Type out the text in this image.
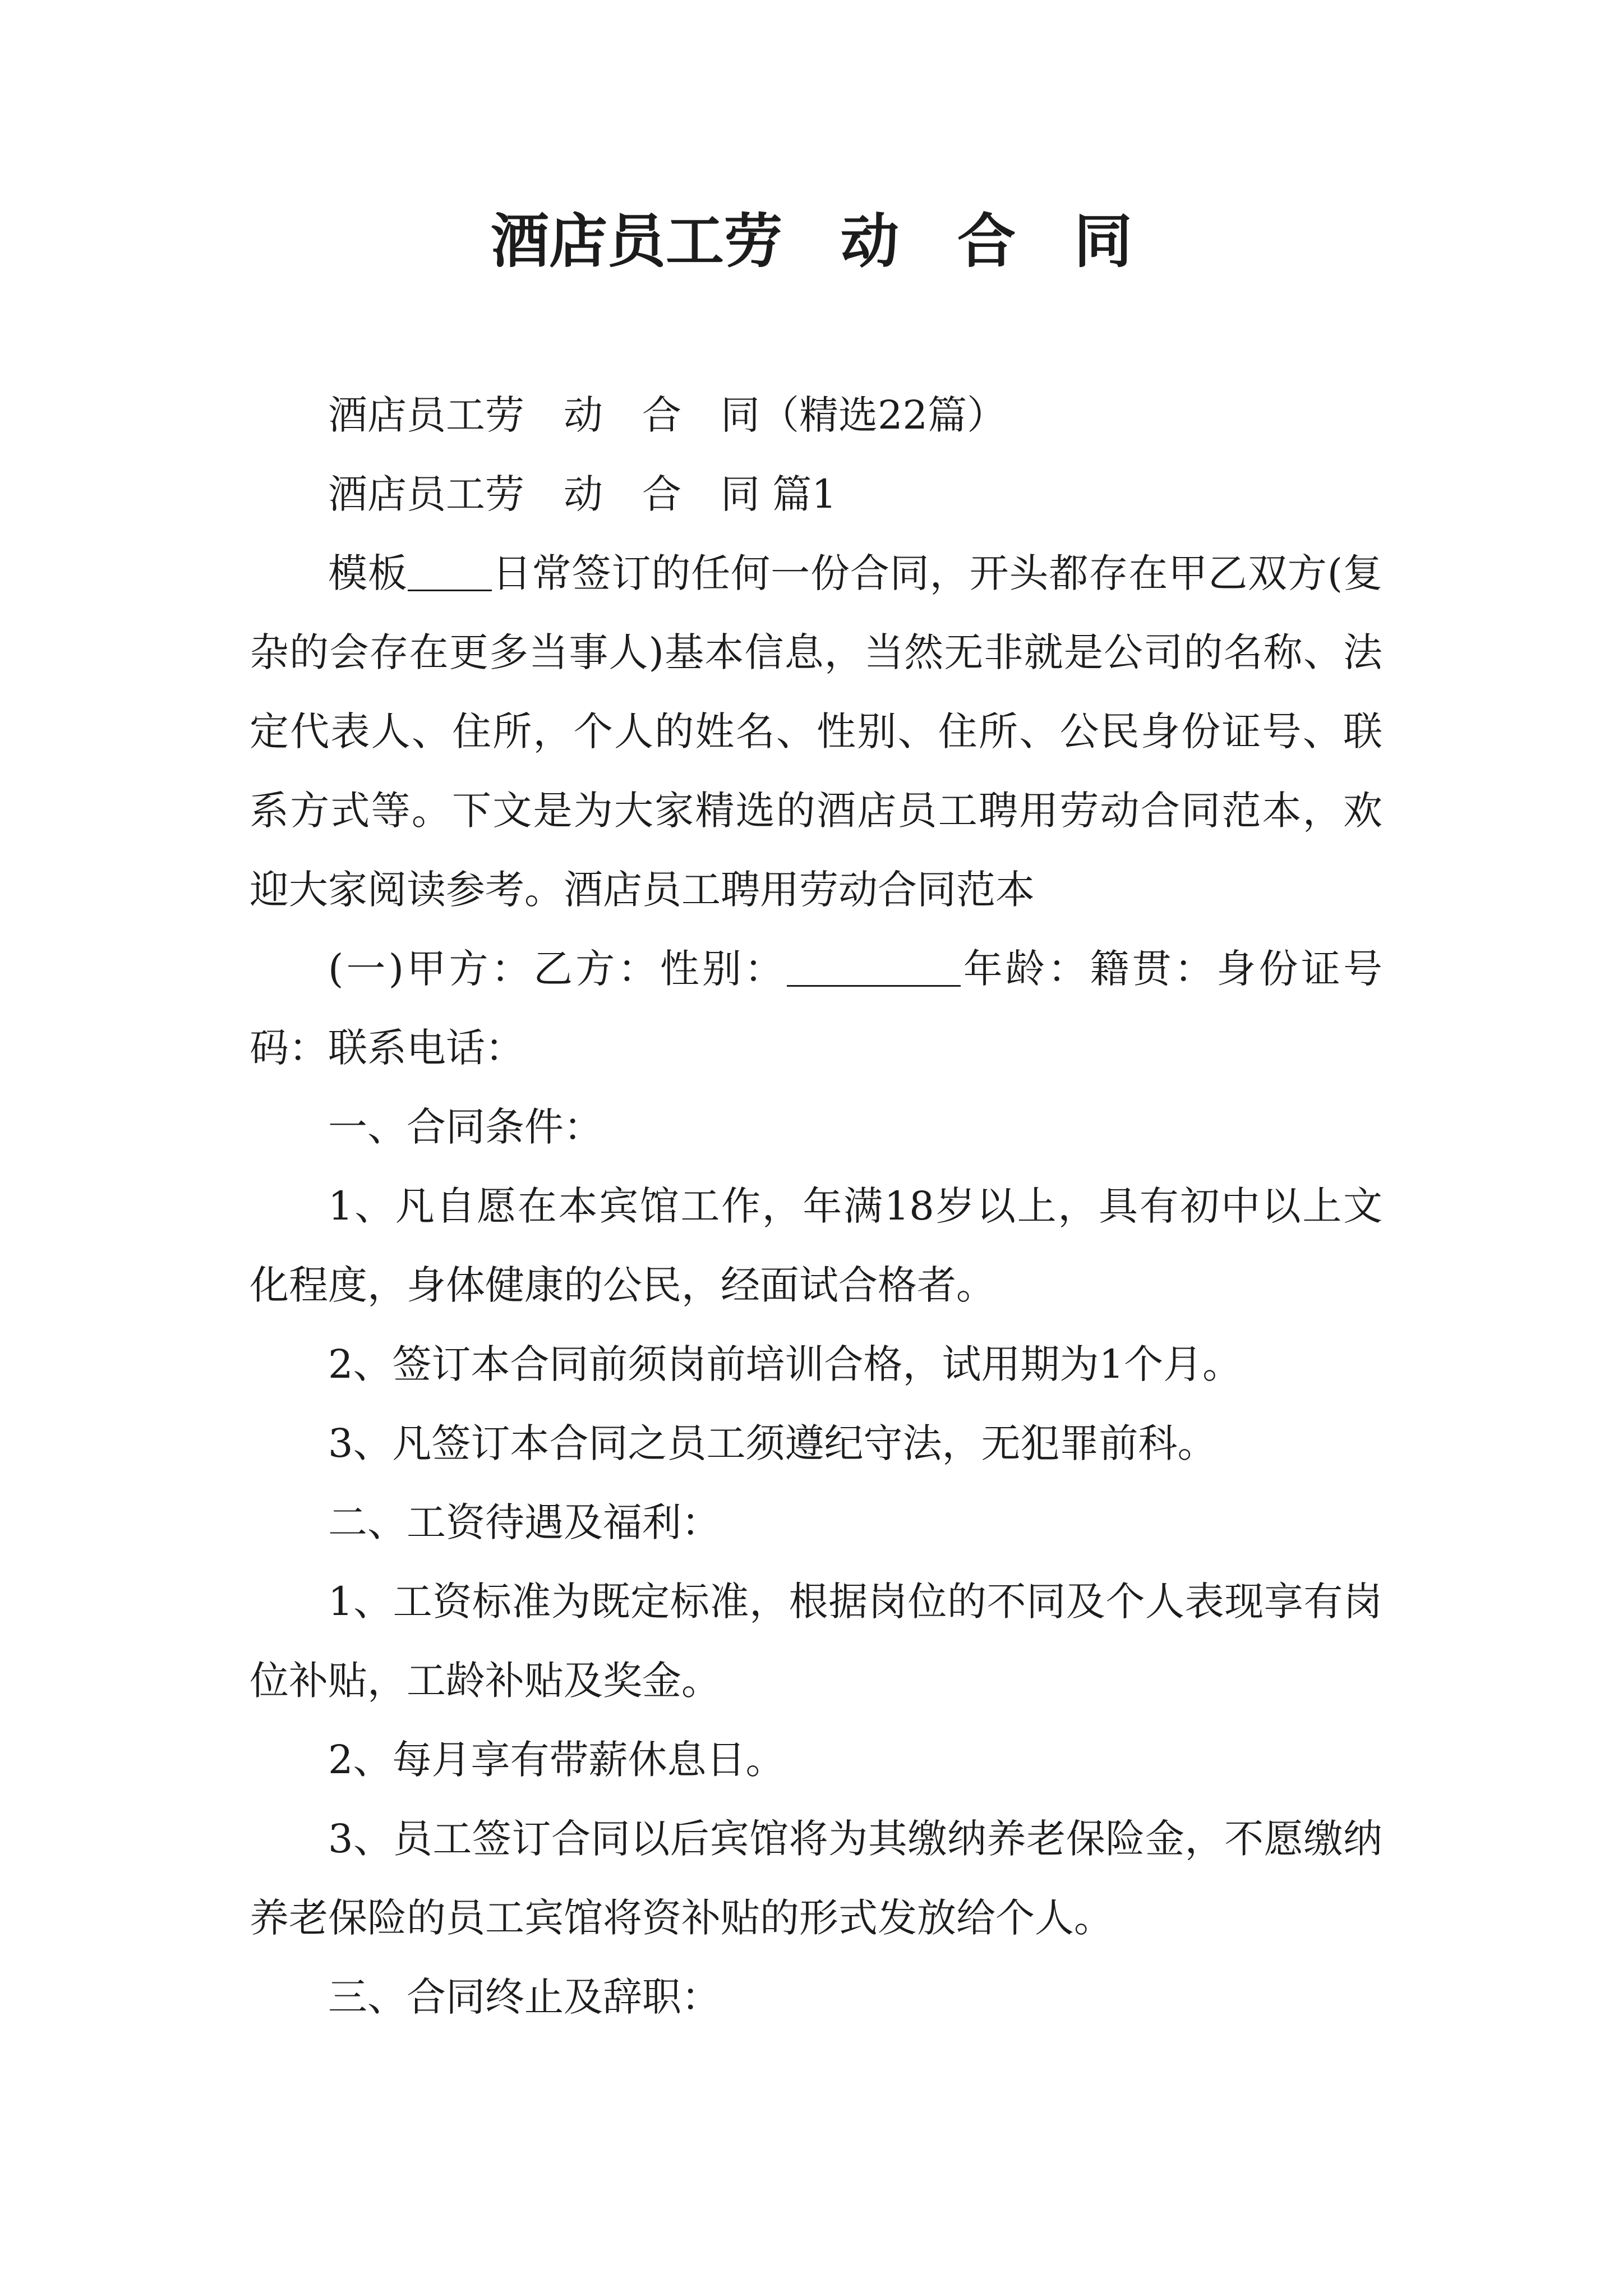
酒店员工劳　动　合　同

酒店员工劳　动　合　同（精选22篇）

酒店员工劳　动　合　同 篇1

模板 日常签订的任何一份合同，开头都存在甲乙双方(复杂的会存在更多当事人)基本信息，当然无非就是公司的名称、法定代表人、住所，个人的姓名、性别、住所、公民身份证号、联系方式等。下文是为大家精选的酒店员工聘用劳动合同范本，欢迎大家阅读参考。酒店员工聘用劳动合同范本

(一)甲方：乙方：性别：	年龄：籍贯：身份证号码：联系电话：

一、合同条件：

1、凡自愿在本宾馆工作，年满18岁以上，具有初中以上文化程度，身体健康的公民，经面试合格者。

2、签订本合同前须岗前培训合格，试用期为1个月。

3、凡签订本合同之员工须遵纪守法，无犯罪前科。

二、工资待遇及福利：

1、工资标准为既定标准，根据岗位的不同及个人表现享有岗位补贴，工龄补贴及奖金。

2、每月享有带薪休息日。

3、员工签订合同以后宾馆将为其缴纳养老保险金，不愿缴纳养老保险的员工宾馆将资补贴的形式发放给个人。

三、合同终止及辞职：
